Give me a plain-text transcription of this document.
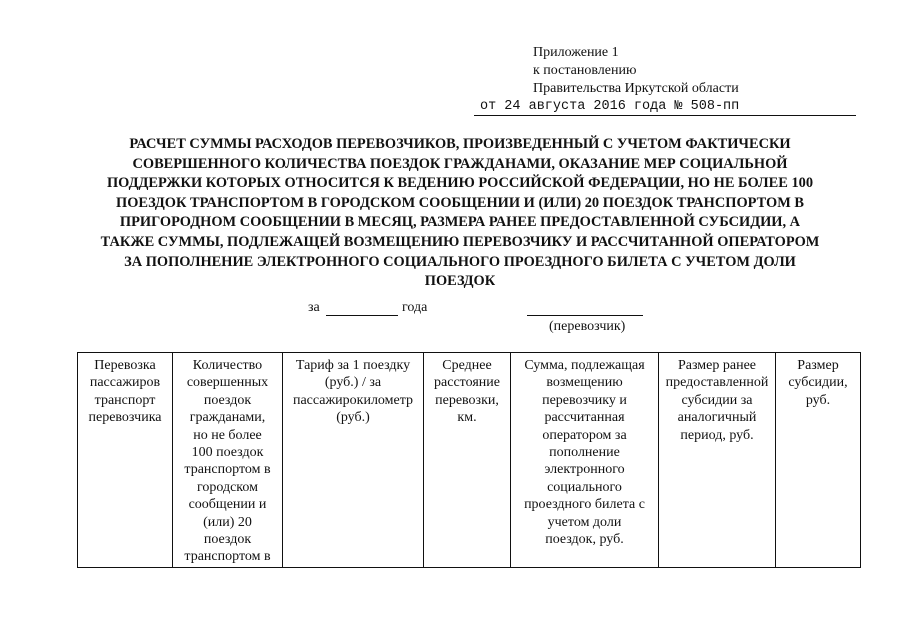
Приложение 1
к постановлению
Правительства Иркутской области
от 24 августа 2016 года № 508-пп
РАСЧЕТ СУММЫ РАСХОДОВ ПЕРЕВОЗЧИКОВ, ПРОИЗВЕДЕННЫЙ С УЧЕТОМ ФАКТИЧЕСКИ
СОВЕРШЕННОГО КОЛИЧЕСТВА ПОЕЗДОК ГРАЖДАНАМИ, ОКАЗАНИЕ МЕР СОЦИАЛЬНОЙ
ПОДДЕРЖКИ КОТОРЫХ ОТНОСИТСЯ К ВЕДЕНИЮ РОССИЙСКОЙ ФЕДЕРАЦИИ, НО НЕ БОЛЕЕ 100
ПОЕЗДОК ТРАНСПОРТОМ В ГОРОДСКОМ СООБЩЕНИИ И (ИЛИ) 20 ПОЕЗДОК ТРАНСПОРТОМ В
ПРИГОРОДНОМ СООБЩЕНИИ В МЕСЯЦ, РАЗМЕРА РАНЕЕ ПРЕДОСТАВЛЕННОЙ СУБСИДИИ, А
ТАКЖЕ СУММЫ, ПОДЛЕЖАЩЕЙ ВОЗМЕЩЕНИЮ ПЕРЕВОЗЧИКУ И РАССЧИТАННОЙ ОПЕРАТОРОМ
ЗА ПОПОЛНЕНИЕ ЭЛЕКТРОННОГО СОЦИАЛЬНОГО ПРОЕЗДНОГО БИЛЕТА С УЧЕТОМ ДОЛИ
ПОЕЗДОК
за	года
(перевозчик)
Перевозка
пассажиров
транспорт
перевозчика
Количество
совершенных
поездок
гражданами,
но не более
100 поездок
транспортом в
городском
сообщении и
(или) 20
поездок
транспортом в
Тариф за 1 поездку
(руб.) / за
пассажирокилометр
(руб.)
Среднее
расстояние
перевозки,
км.
Сумма, подлежащая
возмещению
перевозчику и
рассчитанная
оператором за
пополнение
электронного
социального
проездного билета с
учетом доли
поездок, руб.
Размер ранее
предоставленной
субсидии за
аналогичный
период, руб.
Размер
субсидии,
руб.
